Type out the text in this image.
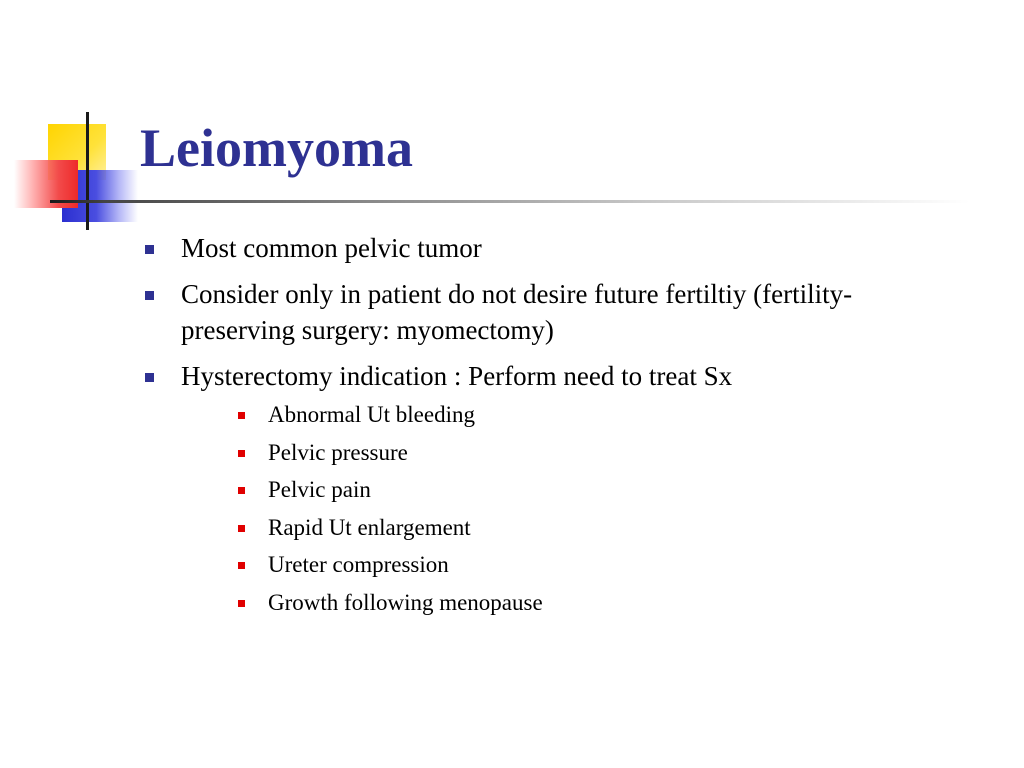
Leiomyoma
Most common pelvic tumor
Consider only in patient do not desire future fertiltiy (fertility-preserving surgery: myomectomy)
Hysterectomy indication : Perform need to treat Sx
Abnormal Ut bleeding
Pelvic pressure
Pelvic pain
Rapid Ut enlargement
Ureter compression
Growth following menopause
